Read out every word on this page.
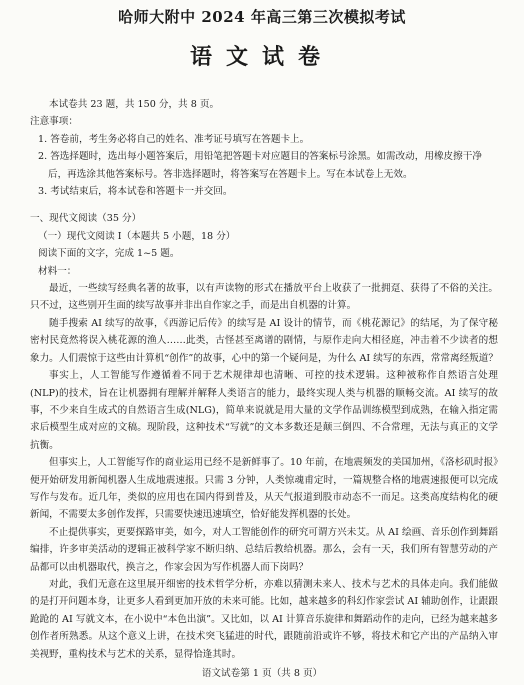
哈师大附中 2024 年高三第三次模拟考试
语文试卷

本试卷共 23 题，共 150 分，共 8 页。

注意事项：

1. 答卷前，考生务必将自己的姓名、准考证号填写在答题卡上。

2. 答选择题时，选出每小题答案后，用铅笔把答题卡对应题目的答案标号涂黑。如需改动，用橡皮擦干净后，再选涂其他答案标号。答非选择题时，将答案写在答题卡上。写在本试卷上无效。

3. 考试结束后，将本试卷和答题卡一并交回。

一、现代文阅读（35 分）

（一）现代文阅读 I（本题共 5 小题，18 分）

阅读下面的文字，完成 1~5 题。

材料一：

最近，一些续写经典名著的故事，以有声读物的形式在播放平台上收获了一批拥趸、获得了不俗的关注。只不过，这些别开生面的续写故事并非出自作家之手，而是出自机器的计算。

随手搜索 AI 续写的故事，《西游记后传》的续写是 AI 设计的情节，而《桃花源记》的结尾，为了保守秘密村民竟然将误入桃花源的渔人……此类，古怪甚至离谱的剧情，与原作走向大相径庭，冲击着不少读者的想象力。人们震惊于这些由计算机“创作”的故事，心中的第一个疑问是，为什么 AI 续写的东西，常常离经叛道？

事实上，人工智能写作遵循着不同于艺术规律却也清晰、可控的技术逻辑。这种被称作自然语言处理(NLP)的技术，旨在让机器拥有理解并解释人类语言的能力，最终实现人类与机器的顺畅交流。AI 续写的故事，不少来自生成式的自然语言生成(NLG)，简单来说就是用大量的文学作品训练模型到成熟，在输入指定需求后模型生成对应的文稿。现阶段，这种技术“写就”的文本多数还是颠三倒四、不合常理，无法与真正的文学抗衡。

但事实上，人工智能写作的商业运用已经不是新鲜事了。10 年前，在地震频发的美国加州，《洛杉矶时报》便开始研发用新闻机器人生成地震速报。只需 3 分钟，人类惊魂甫定时，一篇规整合格的地震速报便可以完成写作与发布。近几年，类似的应用也在国内得到普及，从天气报道到股市动态不一而足。这类高度结构化的硬新闻，不需要太多创作发挥，只需要快速迅速填空，恰好能发挥机器的长处。

不止提供事实，更要探路审美，如今，对人工智能创作的研究可谓方兴未艾。从 AI 绘画、音乐创作到舞蹈编排，许多审美活动的逻辑正被科学家不断归纳、总结后教给机器。那么，会有一天，我们所有智慧劳动的产品都可以由机器取代，换言之，作家会因为写作机器人而下岗吗？

对此，我们无意在这里展开细密的技术哲学分析，亦难以猜测未来人、技术与艺术的具体走向。我们能做的是打开问题本身，让更多人看到更加开放的未来可能。比如，越来越多的科幻作家尝试 AI 辅助创作，让跟跟跄跄的 AI 写就文本，在小说中“本色出演”。又比如，以 AI 计算音乐旋律和舞蹈动作的走向，已经为越来越多创作者所熟悉。从这个意义上讲，在技术突飞猛进的时代，跟随前沿或许不够，将技术和它产出的产品纳入审美视野，重构技术与艺术的关系，显得恰逢其时。

语文试卷第 1 页（共 8 页）
